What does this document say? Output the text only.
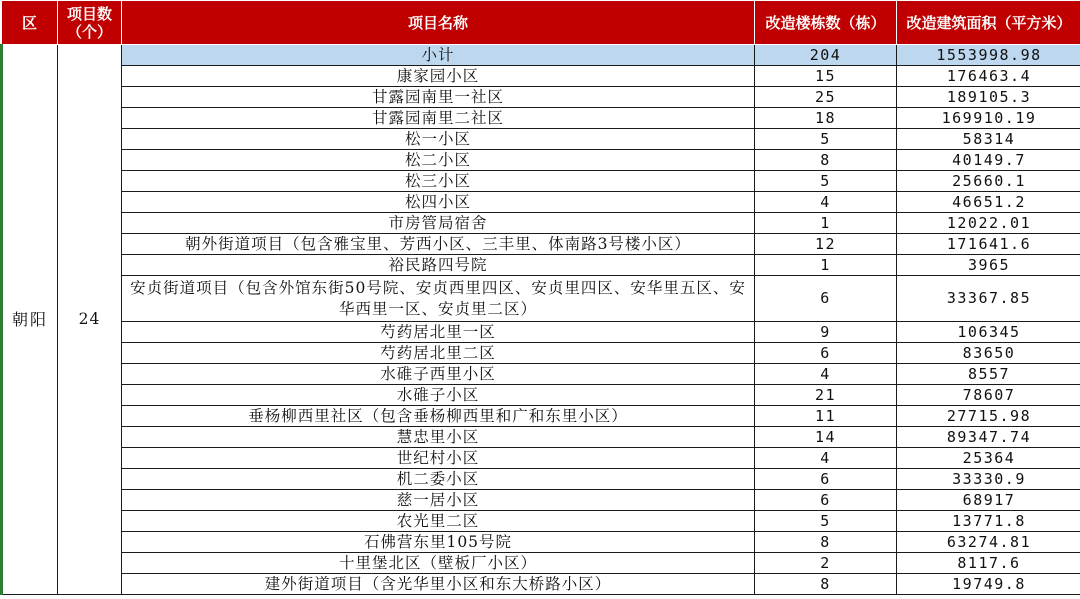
区	项目数（个）	项目名称	改造楼栋数（栋）	改造建筑面积（平方米）
朝阳	24	小计	204	1553998.98
		康家园小区	15	176463.4
		甘露园南里一社区	25	189105.3
		甘露园南里二社区	18	169910.19
		松一小区	5	58314
		松二小区	8	40149.7
		松三小区	5	25660.1
		松四小区	4	46651.2
		市房管局宿舍	1	12022.01
		朝外街道项目（包含雅宝里、芳西小区、三丰里、体南路3号楼小区）	12	171641.6
		裕民路四号院	1	3965
		安贞街道项目（包含外馆东街50号院、安贞西里四区、安贞里四区、安华里五区、安华西里一区、安贞里二区）	6	33367.85
		芍药居北里一区	9	106345
		芍药居北里二区	6	83650
		水碓子西里小区	4	8557
		水碓子小区	21	78607
		垂杨柳西里社区（包含垂杨柳西里和广和东里小区）	11	27715.98
		慧忠里小区	14	89347.74
		世纪村小区	4	25364
		机二委小区	6	33330.9
		慈一居小区	6	68917
		农光里二区	5	13771.8
		石佛营东里105号院	8	63274.81
		十里堡北区（壁板厂小区）	2	8117.6
		建外街道项目（含光华里小区和东大桥路小区）	8	19749.8
